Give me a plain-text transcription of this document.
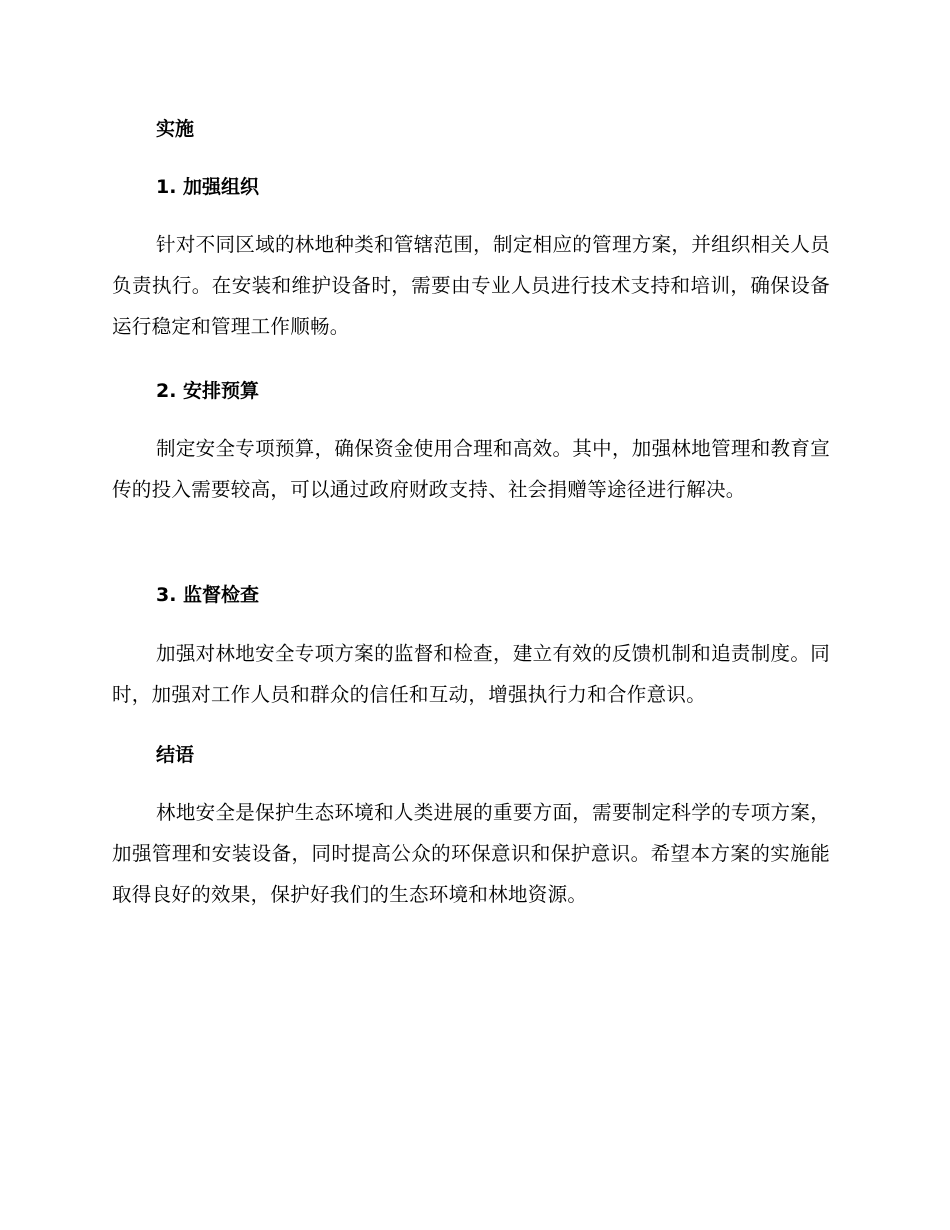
实施
1. 加强组织
针对不同区域的林地种类和管辖范围，制定相应的管理方案，并组织相关人员负责执行。在安装和维护设备时，需要由专业人员进行技术支持和培训，确保设备运行稳定和管理工作顺畅。
2. 安排预算
制定安全专项预算，确保资金使用合理和高效。其中，加强林地管理和教育宣传的投入需要较高，可以通过政府财政支持、社会捐赠等途径进行解决。
3. 监督检查
加强对林地安全专项方案的监督和检查，建立有效的反馈机制和追责制度。同时，加强对工作人员和群众的信任和互动，增强执行力和合作意识。
结语
林地安全是保护生态环境和人类进展的重要方面，需要制定科学的专项方案，加强管理和安装设备，同时提高公众的环保意识和保护意识。希望本方案的实施能取得良好的效果，保护好我们的生态环境和林地资源。
